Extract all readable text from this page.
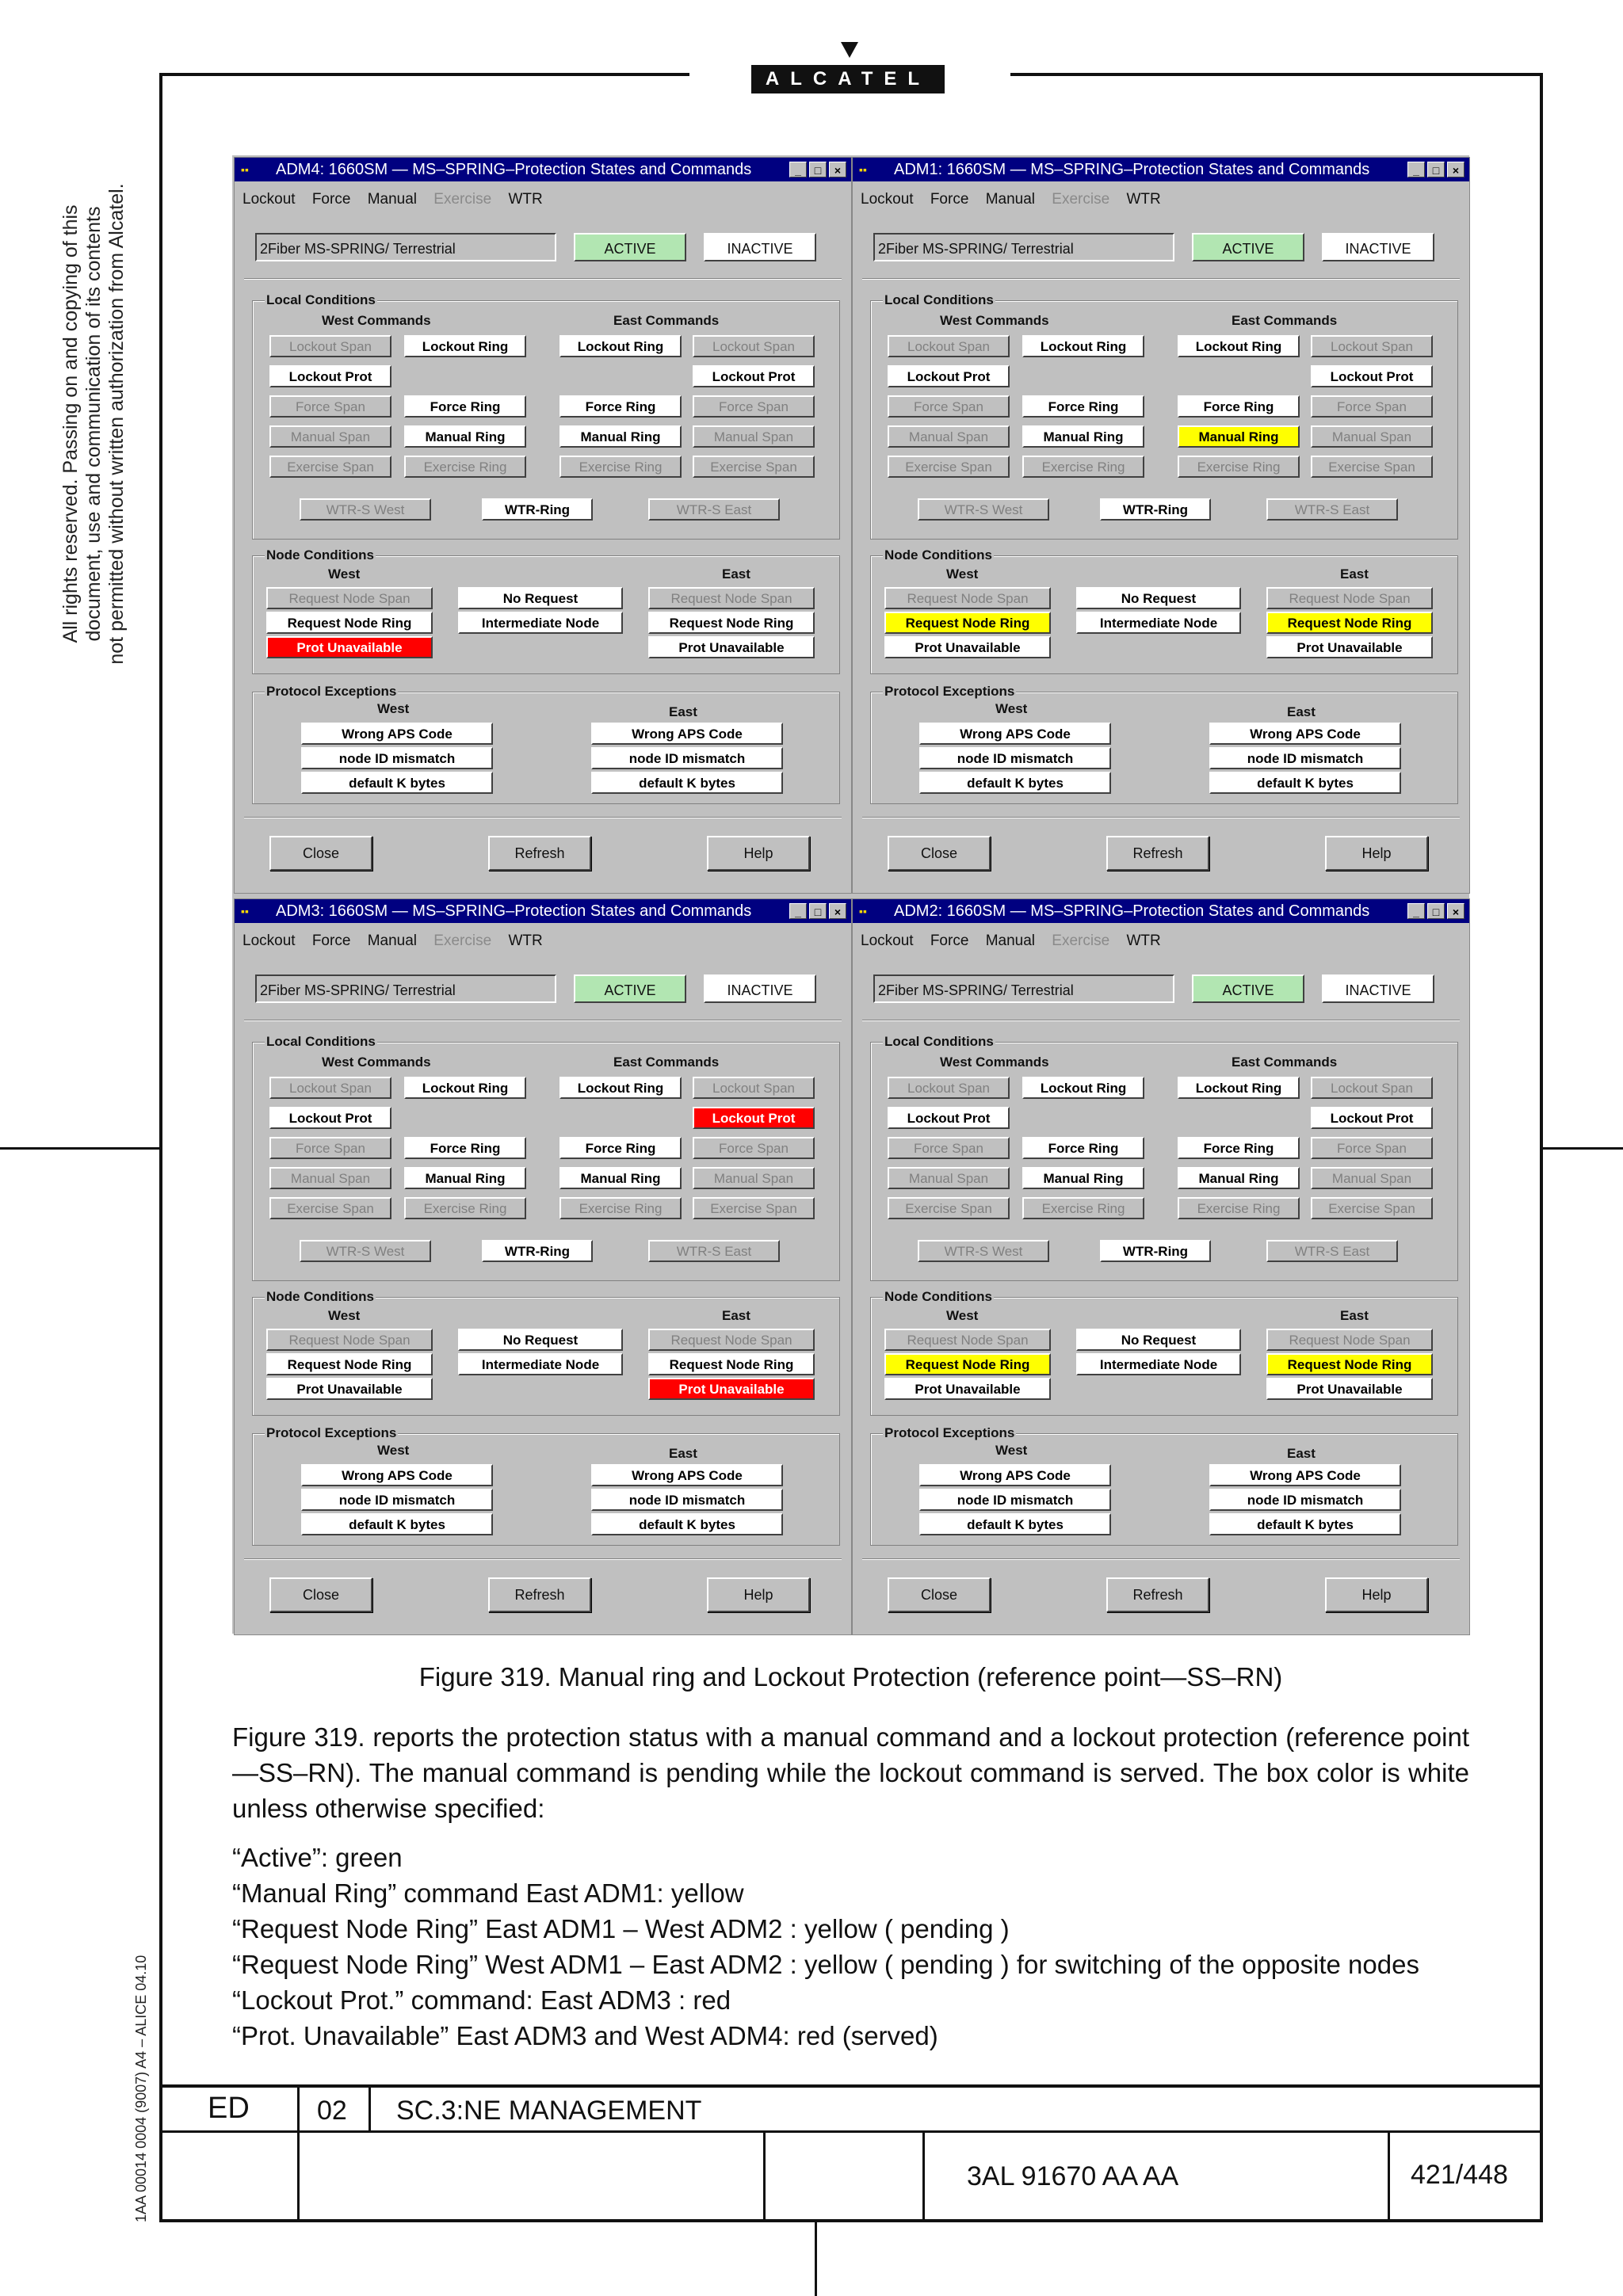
ALCATEL
All rights reserved. Passing on and copying of this document, use and communication of its contents not permitted without written authorization from Alcatel.
1AA 00014 0004 (9007) A4 – ALICE 04.10
▪▪	ADM4: 1660SM — MS–SPRING–Protection States and Commands	_	□	×
Lockout Force Manual Exercise WTR
2Fiber MS-SPRING/ Terrestrial	ACTIVE	INACTIVE
Local Conditions
West Commands	East Commands
Lockout Span	Lockout Ring	Lockout Ring	Lockout Span
Lockout Prot	Lockout Prot
Force Span	Force Ring	Force Ring	Force Span
Manual Span	Manual Ring	Manual Ring	Manual Span
Exercise Span	Exercise Ring	Exercise Ring	Exercise Span
WTR-S West	WTR-Ring	WTR-S East
Node Conditions
West	East
Request Node Span	No Request	Request Node Span
Request Node Ring	Intermediate Node	Request Node Ring
Prot Unavailable	Prot Unavailable
Protocol Exceptions
West	East
Wrong APS Code	Wrong APS Code
node ID mismatch	node ID mismatch
default K bytes	default K bytes
Close	Refresh	Help
▪▪	ADM1: 1660SM — MS–SPRING–Protection States and Commands	_	□	×
Lockout Force Manual Exercise WTR
2Fiber MS-SPRING/ Terrestrial	ACTIVE	INACTIVE
Local Conditions
West Commands	East Commands
Lockout Span	Lockout Ring	Lockout Ring	Lockout Span
Lockout Prot	Lockout Prot
Force Span	Force Ring	Force Ring	Force Span
Manual Span	Manual Ring	Manual Ring	Manual Span
Exercise Span	Exercise Ring	Exercise Ring	Exercise Span
WTR-S West	WTR-Ring	WTR-S East
Node Conditions
West	East
Request Node Span	No Request	Request Node Span
Request Node Ring	Intermediate Node	Request Node Ring
Prot Unavailable	Prot Unavailable
Protocol Exceptions
West	East
Wrong APS Code	Wrong APS Code
node ID mismatch	node ID mismatch
default K bytes	default K bytes
Close	Refresh	Help
▪▪	ADM3: 1660SM — MS–SPRING–Protection States and Commands	_	□	×
Lockout Force Manual Exercise WTR
2Fiber MS-SPRING/ Terrestrial	ACTIVE	INACTIVE
Local Conditions
West Commands	East Commands
Lockout Span	Lockout Ring	Lockout Ring	Lockout Span
Lockout Prot	Lockout Prot
Force Span	Force Ring	Force Ring	Force Span
Manual Span	Manual Ring	Manual Ring	Manual Span
Exercise Span	Exercise Ring	Exercise Ring	Exercise Span
WTR-S West	WTR-Ring	WTR-S East
Node Conditions
West	East
Request Node Span	No Request	Request Node Span
Request Node Ring	Intermediate Node	Request Node Ring
Prot Unavailable	Prot Unavailable
Protocol Exceptions
West	East
Wrong APS Code	Wrong APS Code
node ID mismatch	node ID mismatch
default K bytes	default K bytes
Close	Refresh	Help
▪▪	ADM2: 1660SM — MS–SPRING–Protection States and Commands	_	□	×
Lockout Force Manual Exercise WTR
2Fiber MS-SPRING/ Terrestrial	ACTIVE	INACTIVE
Local Conditions
West Commands	East Commands
Lockout Span	Lockout Ring	Lockout Ring	Lockout Span
Lockout Prot	Lockout Prot
Force Span	Force Ring	Force Ring	Force Span
Manual Span	Manual Ring	Manual Ring	Manual Span
Exercise Span	Exercise Ring	Exercise Ring	Exercise Span
WTR-S West	WTR-Ring	WTR-S East
Node Conditions
West	East
Request Node Span	No Request	Request Node Span
Request Node Ring	Intermediate Node	Request Node Ring
Prot Unavailable	Prot Unavailable
Protocol Exceptions
West	East
Wrong APS Code	Wrong APS Code
node ID mismatch	node ID mismatch
default K bytes	default K bytes
Close	Refresh	Help
Figure 319. Manual ring and Lockout Protection (reference point—SS–RN)
Figure 319. reports the protection status with a manual command and a lockout protection (reference point—SS–RN). The manual command is pending while the lockout command is served. The box color is white unless otherwise specified:
“Active”: green
“Manual Ring” command East ADM1: yellow
“Request Node Ring” East ADM1 – West ADM2 : yellow ( pending )
“Request Node Ring” West ADM1 – East ADM2 : yellow ( pending ) for switching of the opposite nodes
“Lockout Prot.” command: East ADM3 : red
“Prot. Unavailable” East ADM3 and West ADM4: red (served)
ED	02 SC.3:NE MANAGEMENT
3AL 91670 AA AA	421/448
